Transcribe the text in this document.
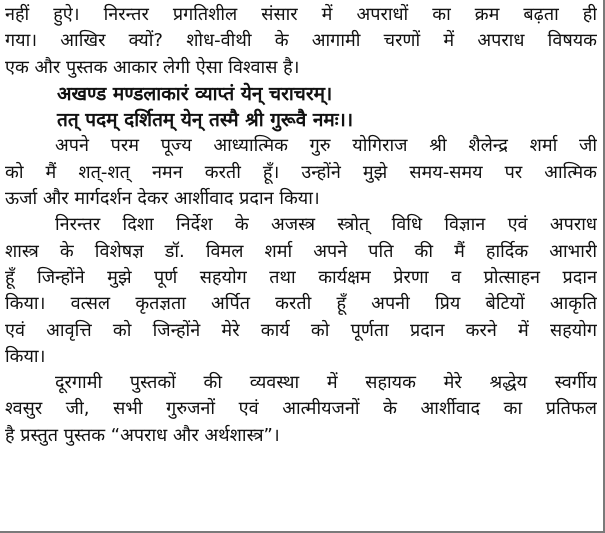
नहीं हुऐ। निरन्तर प्रगतिशील संसार में अपराधों का क्रम बढ़ता ही
गया। आखिर क्यों? शोध-वीथी के आगामी चरणों में अपराध विषयक
एक और पुस्तक आकार लेगी ऐसा विश्वास है।
अखण्ड मण्डलाकारं व्याप्तं येन् चराचरम्।
तत् पदम् दर्शितम् येन् तस्मै श्री गुरूवै नमः।।
अपने परम पूज्य आध्यात्मिक गुरु योगिराज श्री शैलेन्द्र शर्मा जी
को मैं शत्-शत् नमन करती हूँ। उन्होंने मुझे समय-समय पर आत्मिक
ऊर्जा और मार्गदर्शन देकर आर्शीवाद प्रदान किया।
निरन्तर दिशा निर्देश के अजस्त्र स्त्रोत् विधि विज्ञान एवं अपराध
शास्त्र के विशेषज्ञ डॉ. विमल शर्मा अपने पति की मैं हार्दिक आभारी
हूँ जिन्होंने मुझे पूर्ण सहयोग तथा कार्यक्षम प्रेरणा व प्रोत्साहन प्रदान
किया। वत्सल कृतज्ञता अर्पित करती हूँ अपनी प्रिय बेटियों आकृति
एवं आवृत्ति को जिन्होंने मेरे कार्य को पूर्णता प्रदान करने में सहयोग
किया।
दूरगामी पुस्तकों की व्यवस्था में सहायक मेरे श्रद्धेय स्वर्गीय
श्वसुर जी, सभी गुरुजनों एवं आत्मीयजनों के आर्शीवाद का प्रतिफल
है प्रस्तुत पुस्तक “अपराध और अर्थशास्त्र”।
